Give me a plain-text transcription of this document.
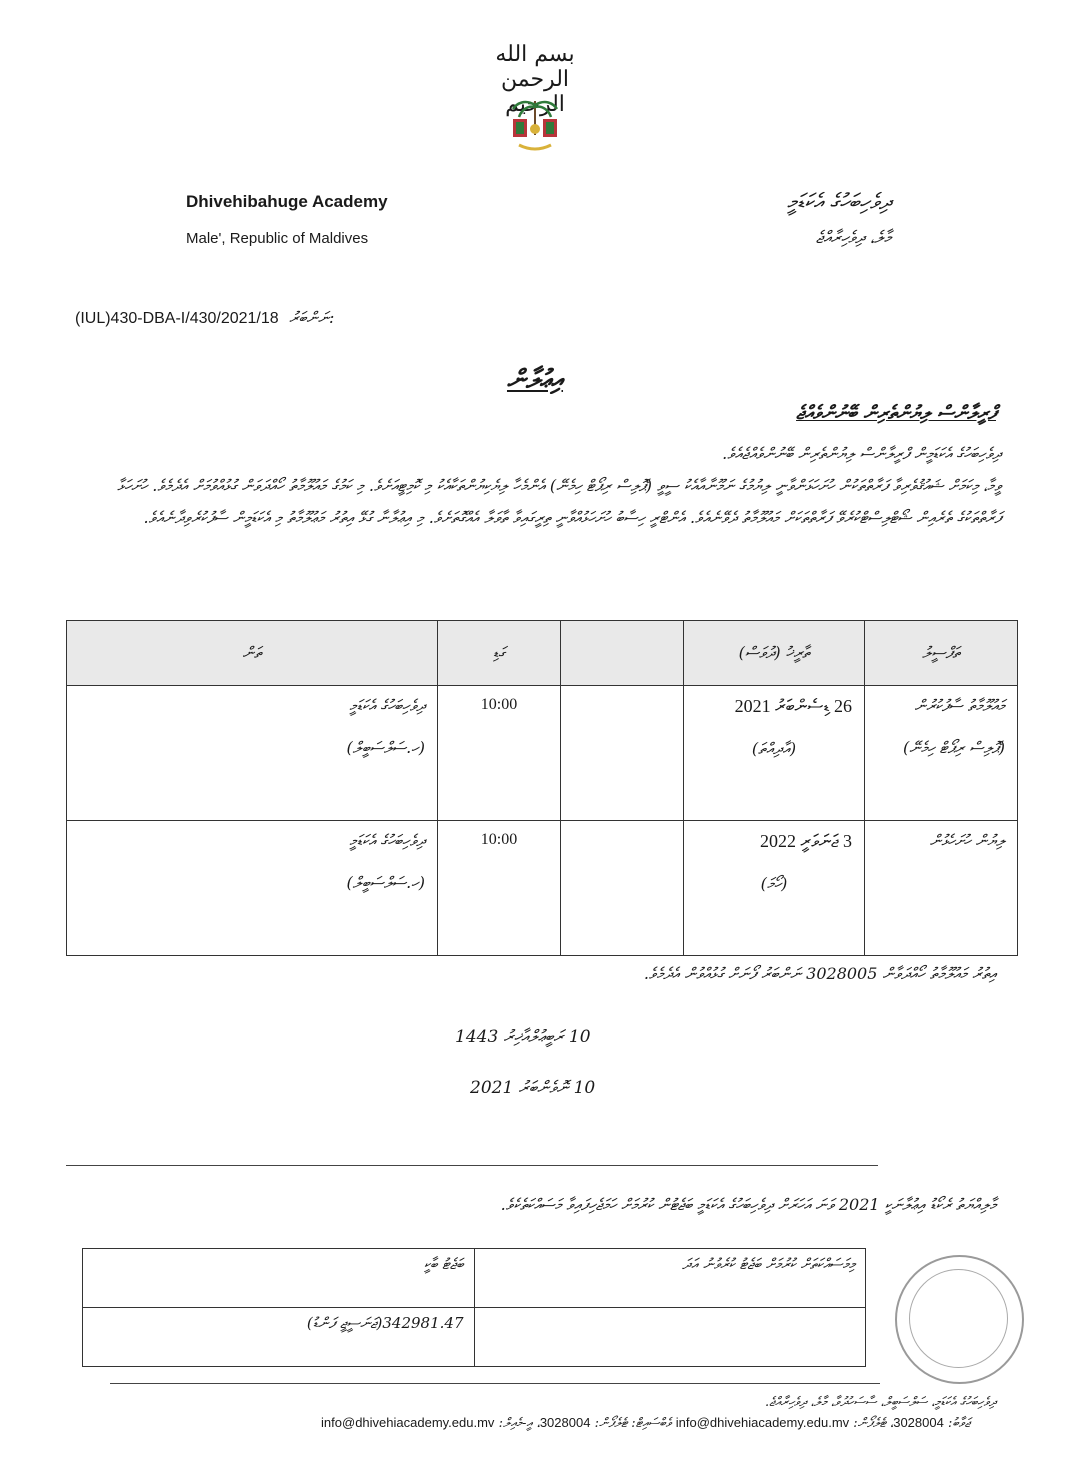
بسم الله الرحمن الرحيم
Dhivehibahuge Academy
Male', Republic of Maldives
ދިވެހިބަހުގެ އެކަޑަމީ
މާލެ، ދިވެހިރާއްޖެ
(IUL)430-DBA-I/430/2021/18 ނަންބަރު:
އިޢުލާން
ފްރީލާންސް ލިޔުންތެރިން ބޭނުންވެއްޖެ
ދިވެހިބަހުގެ އެކަޑަމީން ފްރީލާންސް ލިޔުންތެރިން ބޭނުންވެއްޖެއެވެ.
ވީމާ، މިކަމަށް ޝައުޤުވެރިވާ ފަރާތްތަކުން ހުށަހަޅަންވާނީ ލިޔުމުގެ ނަމޫނާއާއެކު ސީވީ (ޕޮލިސް ރިޕޯޓް ހިމެނޭ) އެންމެހާ ލިޔެކިޔުންތަކާއެކު މި ކޮމިޓީއަށެވެ. މި ކަމުގެ މައުލޫމާތު ހޯއްދަވަން ގުޅުއްވުމަށް އެދެމެވެ. ހުށަހަޅާ ފަރާތްތަކުގެ ތެރެއިން ޝޯޓްލިސްޓްކުރެވޭ ފަރާތްތަކަށް މައުލޫމާތު ދެވޭނެއެވެ. އެންޓްރީ ހިސާބު ހުށަހަޅުއްވާނީ ތިރީގައިވާ ތާވަލާ އެއްގޮތަށެވެ. މި އިޢުލާނާ ގުޅޭ އިތުރު މަޢުލޫމާތު މި އެކަޑަމީން ސާފުކުރެވިދާނެއެވެ.
ތަފްސީލު	ތާރީޚު (ދުވަސް)		ގަޑި	ތަން

މައުލޫމާތު ސާފުކުރުން
(ޕޮލިސް ރިޕޯޓް ހިމެނޭ)	26 ޑިސެންބަރު 2021
(އާދިއްތަ)		10:00	ދިވެހިބަހުގެ އެކަޑަމީ
(ހ.ސަލްސަބީލް)

ލިޔުން ހުށަހެޅުން	3 ޖަނަވަރީ 2022
(ހޯމަ)		10:00	ދިވެހިބަހުގެ އެކަޑަމީ
(ހ.ސަލްސަބީލް)
އިތުރު މައުލޫމާތު ހޯއްދަވާން 3028005 ނަންބަރު ފޯނަށް ގުޅުއްވުން އެދެމެވެ.
10 ރަބީޢުލްއާޚިރު 1443
10 ނޮވެންބަރު 2021
މާލިއްޔަތު ރެކޯޑު އިޢުލާނަކީ 2021 ވަނަ އަހަރަށް ދިވެހިބަހުގެ އެކަޑަމީ ބަޖެޓުން ކުރުމަށް ހަމަޖެހިފައިވާ މަސައްކަތެކެވެ.
މިމަސައްކަތަށް ކުރުމަށް ބަޖެޓު ކުރެވުނު އަދަ	ބަޖެޓު ބާކީ
	342981.47(ޖަނަސީޖީ ފަންޑު)
ދިވެހިބަހުގެ އެކަޑަމީ، ސަލްސަބީލް، ސާސަހުދުވާ، މާލެ، ދިވެހިރާއްޖެ.
ޖަވާބު: 3028004، ޓެލެފޯން: info@dhivehiacademy.edu.mv ވެބްސައިޓް: ޓެލެފޯން: 3028004، އީ-މެއިލް: info@dhivehiacademy.edu.mv
